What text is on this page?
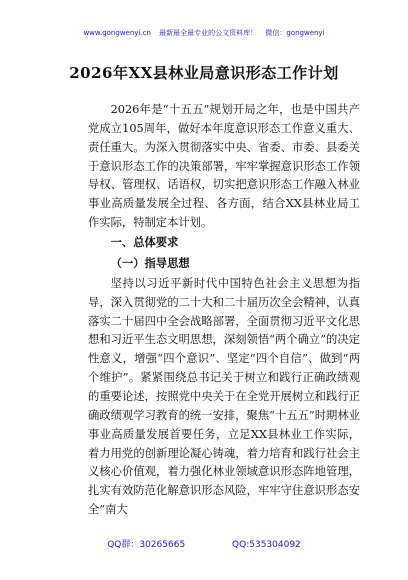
www.gongwenyi.cn 最新最全最专业的公文资料库！ 微信：gongwenyi
2026年XX县林业局意识形态工作计划

2026年是“十五五”规划开局之年，也是中国共产党成立105周年，做好本年度意识形态工作意义重大、责任重大。为深入贯彻落实中央、省委、市委、县委关于意识形态工作的决策部署，牢牢掌握意识形态工作领导权、管理权、话语权，切实把意识形态工作融入林业事业高质量发展全过程、各方面，结合XX县林业局工作实际，特制定本计划。

一、总体要求

（一）指导思想

坚持以习近平新时代中国特色社会主义思想为指导，深入贯彻党的二十大和二十届历次全会精神，认真落实二十届四中全会战略部署，全面贯彻习近平文化思想和习近平生态文明思想，深刻领悟“两个确立”的决定性意义，增强“四个意识”、坚定“四个自信”、做到“两个维护”。紧紧围绕总书记关于树立和践行正确政绩观的重要论述，按照党中央关于在全党开展树立和践行正确政绩观学习教育的统一安排，聚焦“十五五”时期林业事业高质量发展首要任务，立足XX县林业工作实际，着力用党的创新理论凝心铸魂，着力培育和践行社会主义核心价值观，着力强化林业领域意识形态阵地管理，扎实有效防范化解意识形态风险，牢牢守住意识形态安全“南大

QQ群：30265665	QQ:535304092
